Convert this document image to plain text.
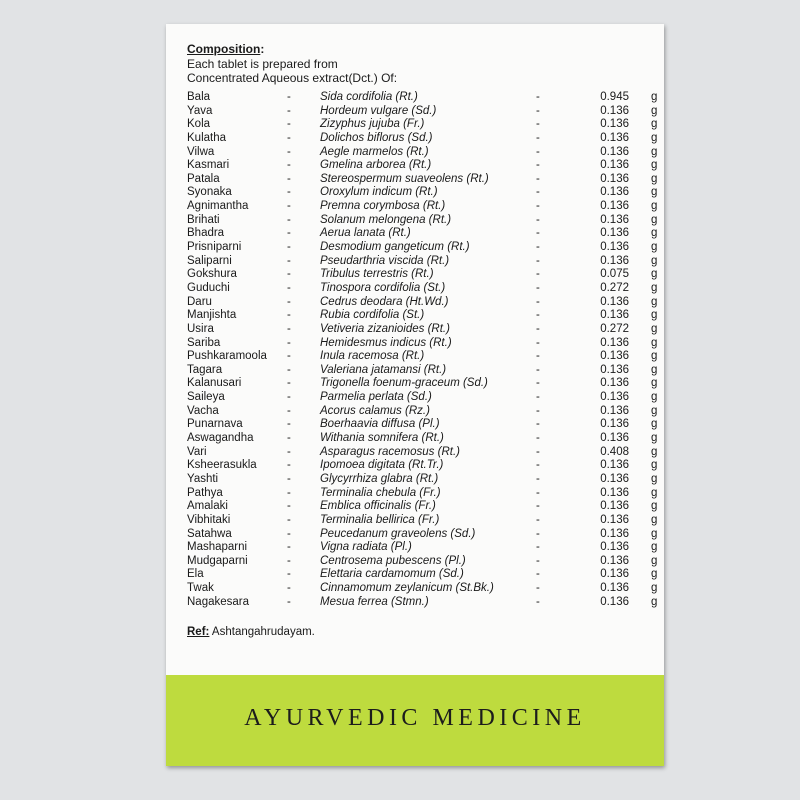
Composition:
Each tablet is prepared from
Concentrated Aqueous extract(Dct.) Of:
Bala	-	Sida cordifolia (Rt.)	-	0.945 g
Yava	-	Hordeum vulgare (Sd.)	-	0.136 g
Kola	-	Zizyphus jujuba (Fr.)	-	0.136 g
Kulatha	-	Dolichos biflorus (Sd.)	-	0.136 g
Vilwa	-	Aegle marmelos (Rt.)	-	0.136 g
Kasmari	-	Gmelina arborea (Rt.)	-	0.136 g
Patala	-	Stereospermum suaveolens (Rt.)	-	0.136 g
Syonaka	-	Oroxylum indicum (Rt.)	-	0.136 g
Agnimantha	-	Premna corymbosa (Rt.)	-	0.136 g
Brihati	-	Solanum melongena (Rt.)	-	0.136 g
Bhadra	-	Aerua lanata (Rt.)	-	0.136 g
Prisniparni	-	Desmodium gangeticum (Rt.)	-	0.136 g
Saliparni	-	Pseudarthria viscida (Rt.)	-	0.136 g
Gokshura	-	Tribulus terrestris (Rt.)	-	0.075 g
Guduchi	-	Tinospora cordifolia (St.)	-	0.272 g
Daru	-	Cedrus deodara (Ht.Wd.)	-	0.136 g
Manjishta	-	Rubia cordifolia (St.)	-	0.136 g
Usira	-	Vetiveria zizanioides (Rt.)	-	0.272 g
Sariba	-	Hemidesmus indicus (Rt.)	-	0.136 g
Pushkaramoola -	Inula racemosa (Rt.)	-	0.136 g
Tagara	-	Valeriana jatamansi (Rt.)	-	0.136 g
Kalanusari	-	Trigonella foenum-graceum (Sd.)	-	0.136 g
Saileya	-	Parmelia perlata (Sd.)	-	0.136 g
Vacha	-	Acorus calamus (Rz.)	-	0.136 g
Punarnava	-	Boerhaavia diffusa (Pl.)	-	0.136 g
Aswagandha	-	Withania somnifera (Rt.)	-	0.136 g
Vari	-	Asparagus racemosus (Rt.)	-	0.408 g
Ksheerasukla	-	Ipomoea digitata (Rt.Tr.)	-	0.136 g
Yashti	-	Glycyrrhiza glabra (Rt.)	-	0.136 g
Pathya	-	Terminalia chebula (Fr.)	-	0.136 g
Amalaki	-	Emblica officinalis (Fr.)	-	0.136 g
Vibhitaki	-	Terminalia bellirica (Fr.)	-	0.136 g
Satahwa	-	Peucedanum graveolens (Sd.)	-	0.136 g
Mashaparni	-	Vigna radiata (Pl.)	-	0.136 g
Mudgaparni	-	Centrosema pubescens (Pl.)	-	0.136 g
Ela	-	Elettaria cardamomum (Sd.)	-	0.136 g
Twak	-	Cinnamomum zeylanicum (St.Bk.)	-	0.136 g
Nagakesara	-	Mesua ferrea (Stmn.)	-	0.136 g
Ref: Ashtangahrudayam.
AYURVEDIC MEDICINE
